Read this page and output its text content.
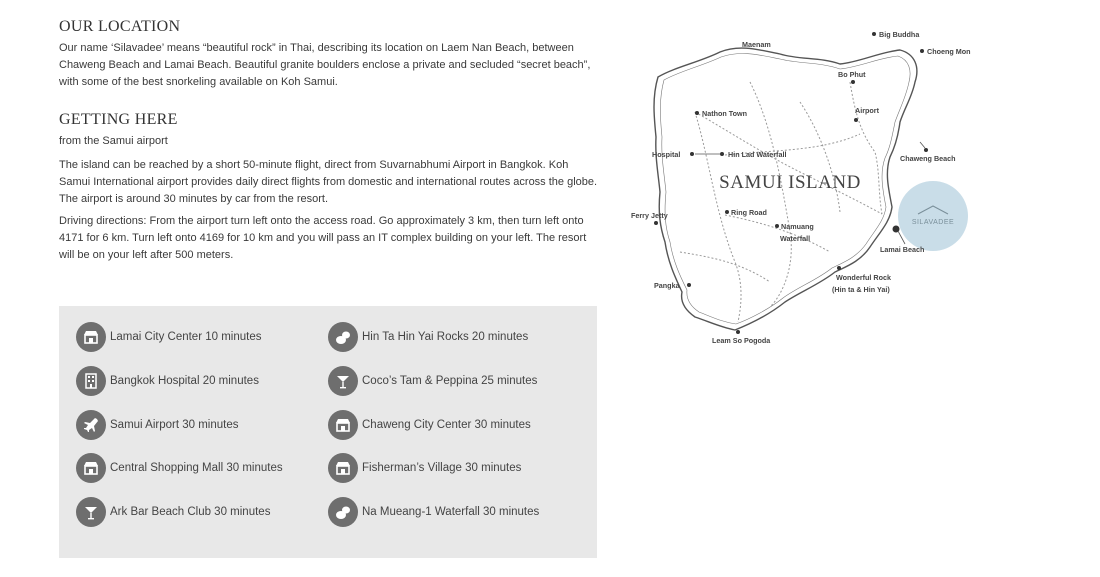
OUR LOCATION

Our name ‘Silavadee’ means “beautiful rock” in Thai, describing its location on Laem Nan Beach, between Chaweng Beach and Lamai Beach. Beautiful granite boulders enclose a private and secluded “secret beach”, with some of the best snorkeling available on Koh Samui.

GETTING HERE

from the Samui airport

The island can be reached by a short 50-minute flight, direct from Suvarnabhumi Airport in Bangkok. Koh Samui International airport provides daily direct flights from domestic and international routes across the globe. The airport is around 30 minutes by car from the resort.

Driving directions: From the airport turn left onto the access road. Go approximately 3 km, then turn left onto 4171 for 6 km. Turn left onto 4169 for 10 km and you will pass an IT complex building on your left. The resort will be on your left after 500 meters.

Lamai City Center 10 minutes
Bangkok Hospital 20 minutes
Samui Airport 30 minutes
Central Shopping Mall 30 minutes
Ark Bar Beach Club 30 minutes
Hin Ta Hin Yai Rocks 20 minutes
Coco’s Tam & Peppina 25 minutes
Chaweng City Center 30 minutes
Fisherman’s Village 30 minutes
Na Mueang-1 Waterfall 30 minutes
SILAVADEE
SAMUI ISLAND
Big Buddha
Choeng Mon
Maenam
Bo Phut
Airport
Nathon Town
Hospital	Hin Lad Waterfall	Chaweng Beach
Ferry Jetty	Ring Road
Namuang
Waterfall
Lamai Beach
Wonderful Rock
(Hin ta & Hin Yai)
Pangka
Leam So Pogoda
